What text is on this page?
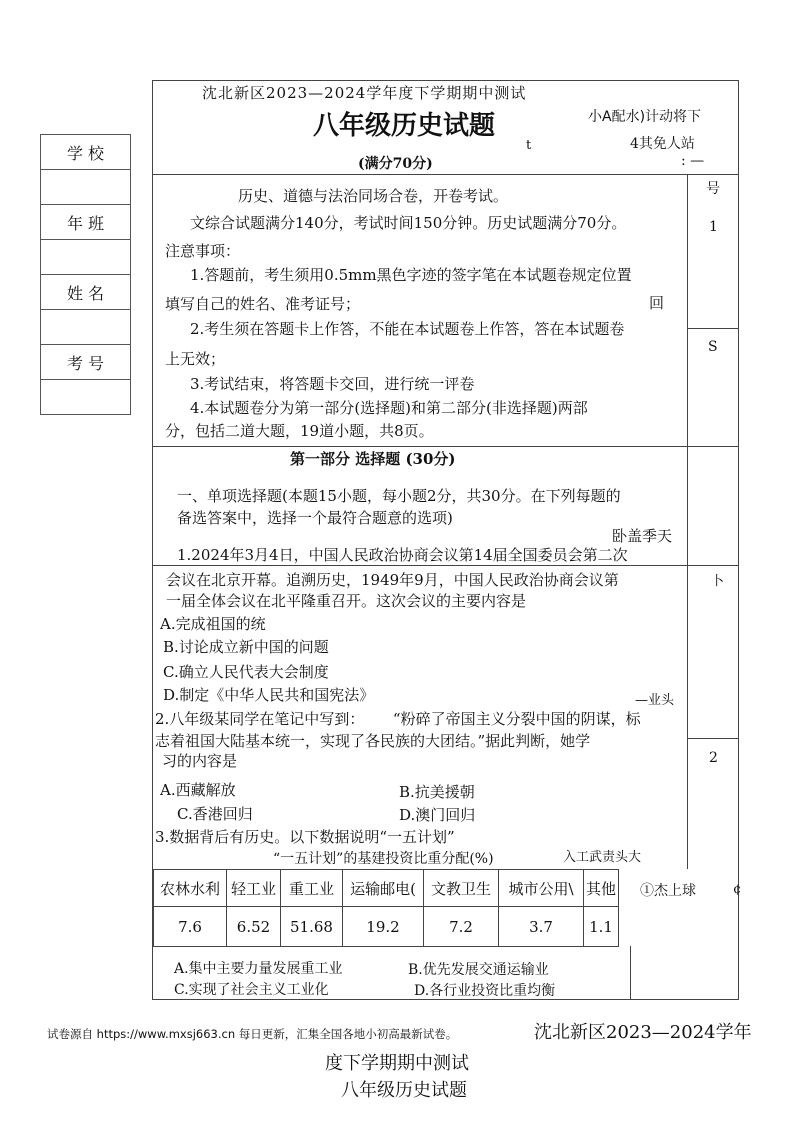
学 校

年 班

姓 名

考 号

沈北新区2023—2024学年度下学期期中测试
八年级历史试题
(满分70分)
小A配水)计动将下
4其免人站
t
: —
号
1
S
卜
2
历史、道德与法治同场合卷，开卷考试。
文综合试题满分140分，考试时间150分钟。历史试题满分70分。
注意事项：
1.答题前，考生须用0.5mm黑色字迹的签字笔在本试题卷规定位置
填写自己的姓名、准考证号；	回
2.考生须在答题卡上作答，不能在本试题卷上作答，答在本试题卷
上无效；
3.考试结束，将答题卡交回，进行统一评卷
4.本试题卷分为第一部分(选择题)和第二部分(非选择题)两部
分，包括二道大题，19道小题，共8页。
第一部分 选择题 (30分)
一、单项选择题(本题15小题，每小题2分，共30分。在下列每题的
备选答案中，选择一个最符合题意的选项)
卧盖季天
1.2024年3月4日，中国人民政治协商会议第14届全国委员会第二次
会议在北京开幕。追溯历史，1949年9月，中国人民政治协商会议第
一届全体会议在北平隆重召开。这次会议的主要内容是
A.完成祖国的统
B.讨论成立新中国的问题
C.确立人民代表大会制度
D.制定《中华人民共和国宪法》	—业头
2.八年级某同学在笔记中写到：      “粉碎了帝国主义分裂中国的阴谋，标
志着祖国大陆基本统一，实现了各民族的大团结。”据此判断，她学
习的内容是
A.西藏解放	B.抗美援朝
C.香港回归	D.澳门回归
3.数据背后有历史。以下数据说明“一五计划”
“一五计划”的基建投资比重分配(%)	入工武责头大
农林水利	轻工业	重工业	运输邮电(	文教卫生	城市公用\	其他
7.6	6.52	51.68	19.2	7.2	3.7	1.1
①杰上球	¢
A.集中主要力量发展重工业	B.优先发展交通运输业
C.实现了社会主义工业化	D.各行业投资比重均衡
试卷源自 https://www.mxsj663.cn 每日更新，汇集全国各地小初高最新试卷。	沈北新区2023—2024学年
度下学期期中测试
八年级历史试题
